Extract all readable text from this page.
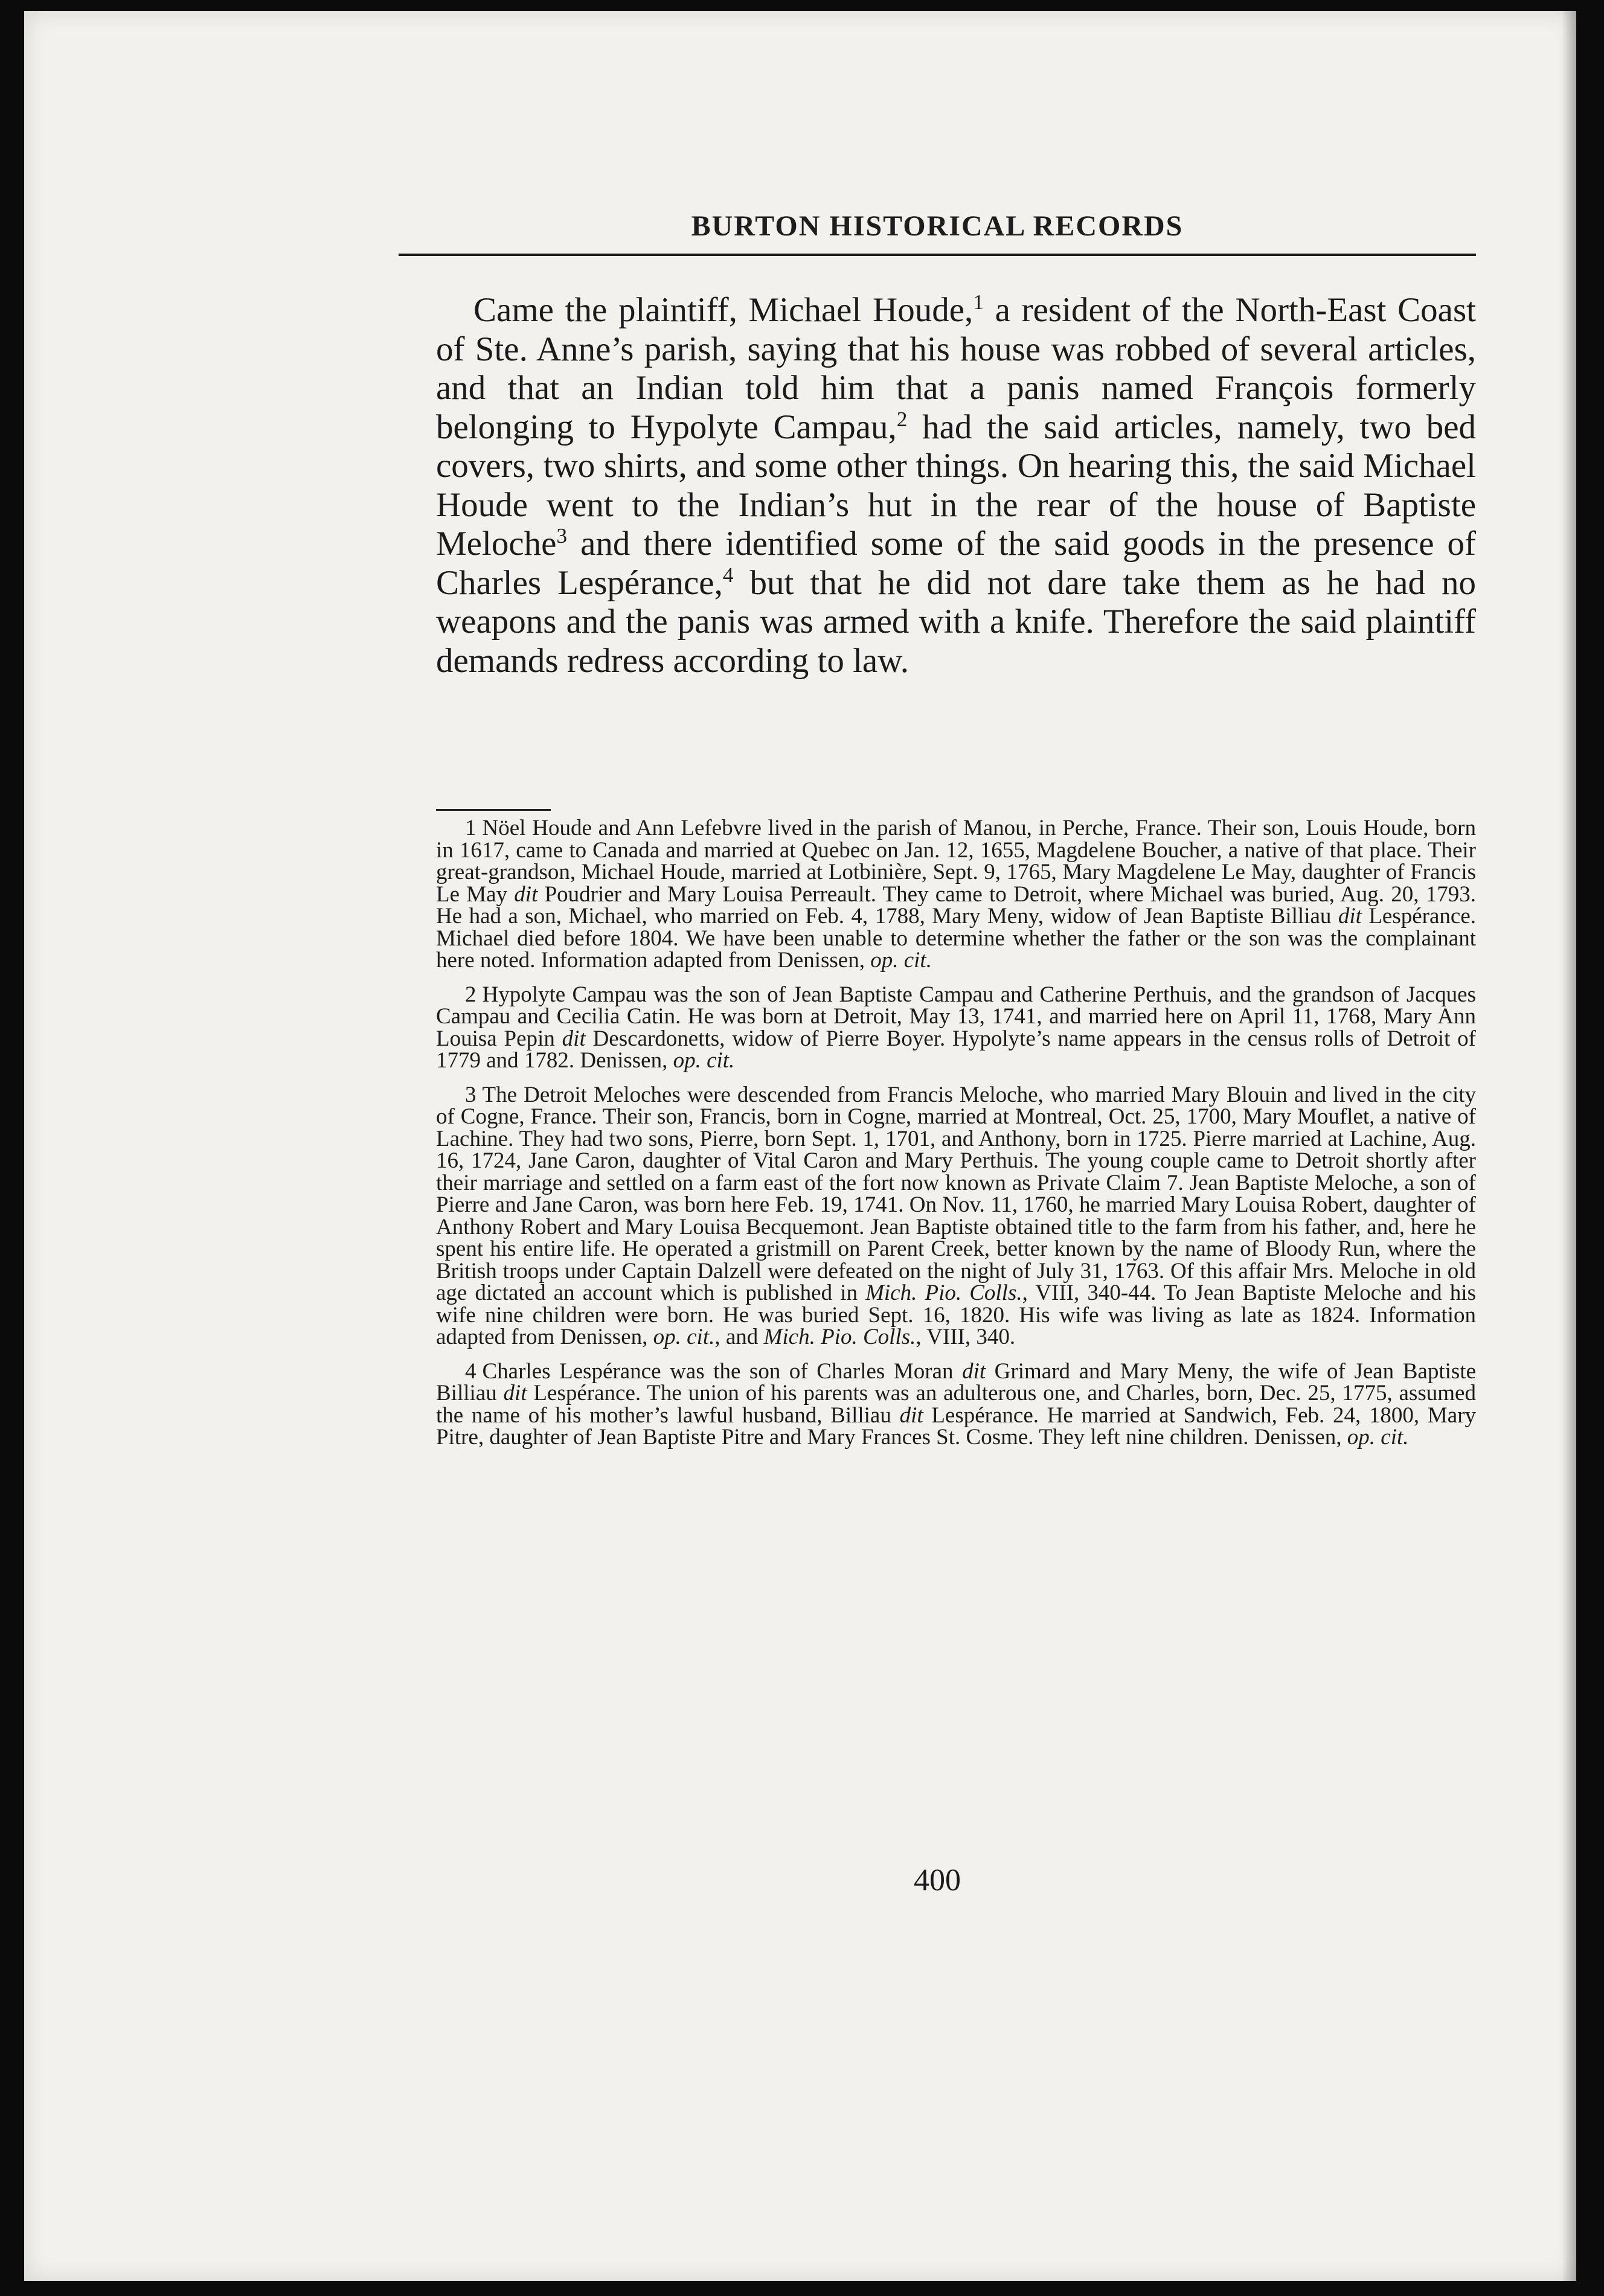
BURTON HISTORICAL RECORDS

Came the plaintiff, Michael Houde,$^1$ a resident of the North-East Coast of Ste. Anne’s parish, saying that his house was robbed of several articles, and that an Indian told him that a panis named François formerly belonging to Hypolyte Campau,$^2$ had the said articles, namely, two bed covers, two shirts, and some other things. On hearing this, the said Michael Houde went to the Indian’s hut in the rear of the house of Baptiste Meloche$^3$ and there identified some of the said goods in the presence of Charles Lespérance,$^4$ but that he did not dare take them as he had no weapons and the panis was armed with a knife. Therefore the said plaintiff demands redress according to law.

1 Nöel Houde and Ann Lefebvre lived in the parish of Manou, in Perche, France. Their son, Louis Houde, born in 1617, came to Canada and married at Quebec on Jan. 12, 1655, Magdelene Boucher, a native of that place. Their great-grandson, Michael Houde, married at Lotbinière, Sept. 9, 1765, Mary Magdelene Le May, daughter of Francis Le May dit Poudrier and Mary Louisa Perreault. They came to Detroit, where Michael was buried, Aug. 20, 1793. He had a son, Michael, who married on Feb. 4, 1788, Mary Meny, widow of Jean Baptiste Billiau dit Lespérance. Michael died before 1804. We have been unable to determine whether the father or the son was the complainant here noted. Information adapted from Denissen, op. cit.

2 Hypolyte Campau was the son of Jean Baptiste Campau and Catherine Perthuis, and the grandson of Jacques Campau and Cecilia Catin. He was born at Detroit, May 13, 1741, and married here on April 11, 1768, Mary Ann Louisa Pepin dit Descardonetts, widow of Pierre Boyer. Hypolyte’s name appears in the census rolls of Detroit of 1779 and 1782. Denissen, op. cit.

3 The Detroit Meloches were descended from Francis Meloche, who married Mary Blouin and lived in the city of Cogne, France. Their son, Francis, born in Cogne, married at Montreal, Oct. 25, 1700, Mary Mouflet, a native of Lachine. They had two sons, Pierre, born Sept. 1, 1701, and Anthony, born in 1725. Pierre married at Lachine, Aug. 16, 1724, Jane Caron, daughter of Vital Caron and Mary Perthuis. The young couple came to Detroit shortly after their marriage and settled on a farm east of the fort now known as Private Claim 7. Jean Baptiste Meloche, a son of Pierre and Jane Caron, was born here Feb. 19, 1741. On Nov. 11, 1760, he married Mary Louisa Robert, daughter of Anthony Robert and Mary Louisa Becquemont. Jean Baptiste obtained title to the farm from his father, and, here he spent his entire life. He operated a gristmill on Parent Creek, better known by the name of Bloody Run, where the British troops under Captain Dalzell were defeated on the night of July 31, 1763. Of this affair Mrs. Meloche in old age dictated an account which is published in Mich. Pio. Colls., VIII, 340-44. To Jean Baptiste Meloche and his wife nine children were born. He was buried Sept. 16, 1820. His wife was living as late as 1824. Information adapted from Denissen, op. cit., and Mich. Pio. Colls., VIII, 340.

4 Charles Lespérance was the son of Charles Moran dit Grimard and Mary Meny, the wife of Jean Baptiste Billiau dit Lespérance. The union of his parents was an adulterous one, and Charles, born, Dec. 25, 1775, assumed the name of his mother’s lawful husband, Billiau dit Lespérance. He married at Sandwich, Feb. 24, 1800, Mary Pitre, daughter of Jean Baptiste Pitre and Mary Frances St. Cosme. They left nine children. Denissen, op. cit.

400
